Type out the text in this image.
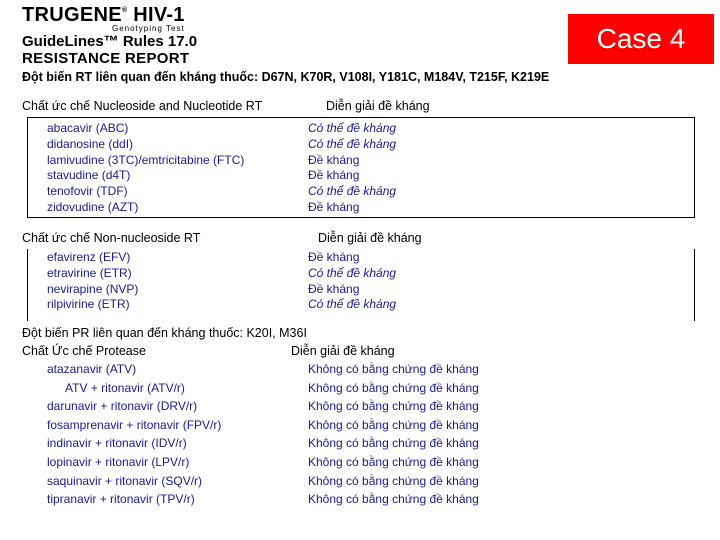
TRUGENE® HIV-1
Genotyping Test
GuideLines™ Rules 17.0
RESISTANCE REPORT
Case 4
Đột biến RT liên quan đến kháng thuốc: D67N, K70R, V108I, Y181C, M184V, T215F, K219E
Chất ức chế Nucleoside and Nucleotide RT	Diễn giải đề kháng
abacavir (ABC)	Có thể đề kháng
didanosine (ddI)	Có thể đề kháng
lamivudine (3TC)/emtricitabine (FTC)	Đề kháng
stavudine (d4T)	Đề kháng
tenofovir (TDF)	Có thể đề kháng
zidovudine (AZT)	Đề kháng
Chất ức chế Non-nucleoside RT	Diễn giải đề kháng
efavirenz (EFV)	Đề kháng
etravirine (ETR)	Có thể đề kháng
nevirapine (NVP)	Đề kháng
rilpivirine (ETR)	Có thể đề kháng
Đột biến PR liên quan đến kháng thuốc: K20I, M36I
Chất Ức chế Protease	Diễn giải đề kháng
atazanavir (ATV)	Không có bằng chứng đề kháng
ATV + ritonavir (ATV/r)	Không có bằng chứng đề kháng
darunavir + ritonavir (DRV/r)	Không có bằng chứng đề kháng
fosamprenavir + ritonavir (FPV/r)	Không có bằng chứng đề kháng
indinavir + ritonavir (IDV/r)	Không có bằng chứng đề kháng
lopinavir + ritonavir (LPV/r)	Không có bằng chứng đề kháng
saquinavir + ritonavir (SQV/r)	Không có bằng chứng đề kháng
tipranavir + ritonavir (TPV/r)	Không có bằng chứng đề kháng
